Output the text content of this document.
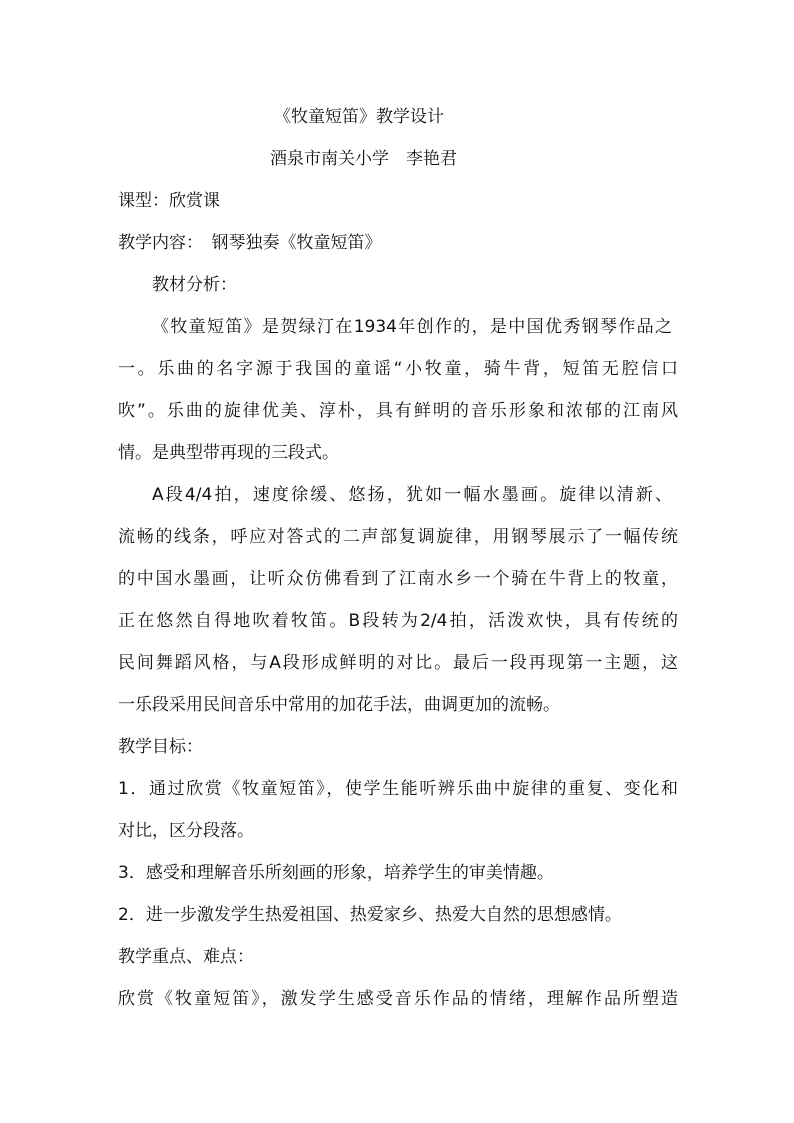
《牧童短笛》教学设计
酒泉市南关小学　李艳君
课型：欣赏课
教学内容：　钢琴独奏《牧童短笛》
教材分析：
《牧童短笛》是贺绿汀在1934年创作的，是中国优秀钢琴作品之
一。乐曲的名字源于我国的童谣“小牧童，骑牛背，短笛无腔信口
吹”。乐曲的旋律优美、淳朴，具有鲜明的音乐形象和浓郁的江南风
情。是典型带再现的三段式。
A段4/4拍，速度徐缓、悠扬，犹如一幅水墨画。旋律以清新、
流畅的线条，呼应对答式的二声部复调旋律，用钢琴展示了一幅传统
的中国水墨画，让听众仿佛看到了江南水乡一个骑在牛背上的牧童，
正在悠然自得地吹着牧笛。B段转为2/4拍，活泼欢快，具有传统的
民间舞蹈风格，与A段形成鲜明的对比。最后一段再现第一主题，这
一乐段采用民间音乐中常用的加花手法，曲调更加的流畅。
教学目标：
1．通过欣赏《牧童短笛》，使学生能听辨乐曲中旋律的重复、变化和
对比，区分段落。
3．感受和理解音乐所刻画的形象，培养学生的审美情趣。
2．进一步激发学生热爱祖国、热爱家乡、热爱大自然的思想感情。
教学重点、难点：
欣赏《牧童短笛》，激发学生感受音乐作品的情绪，理解作品所塑造
